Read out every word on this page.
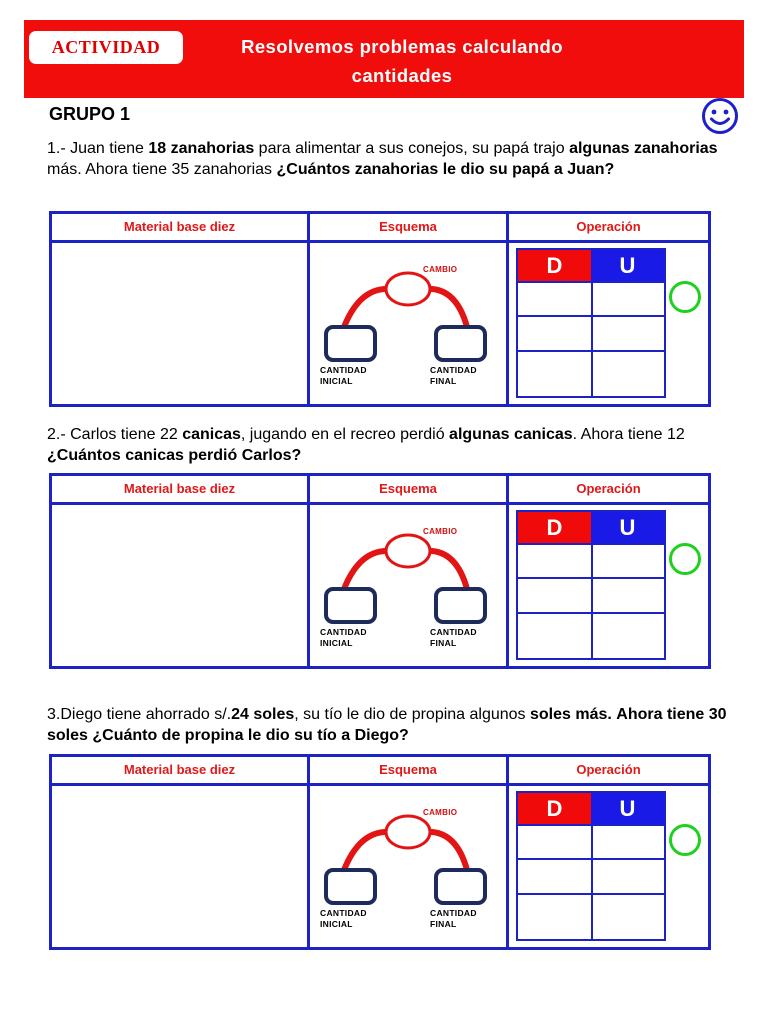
ACTIVIDAD	Resolvemos problemas calculando
cantidades
GRUPO 1
1.- Juan tiene 18 zanahorias para alimentar a sus conejos, su papá trajo algunas zanahorias más. Ahora tiene 35 zanahorias ¿Cuántos zanahorias le dio su papá a Juan?
2.- Carlos tiene 22 canicas, jugando en el recreo perdió algunas canicas. Ahora tiene 12 ¿Cuántos canicas perdió Carlos?
3.Diego tiene ahorrado s/.24 soles, su tío le dio de propina algunos soles más. Ahora tiene 30 soles ¿Cuánto de propina le dio su tío a Diego?
Material base diez	Esquema	Operación
CAMBIO
CANTIDAD
INICIAL
CANTIDAD
FINAL
D	U
Material base diez	Esquema	Operación
CAMBIO
CANTIDAD
INICIAL
CANTIDAD
FINAL
D	U
Material base diez	Esquema	Operación
CAMBIO
CANTIDAD
INICIAL
CANTIDAD
FINAL
D	U
